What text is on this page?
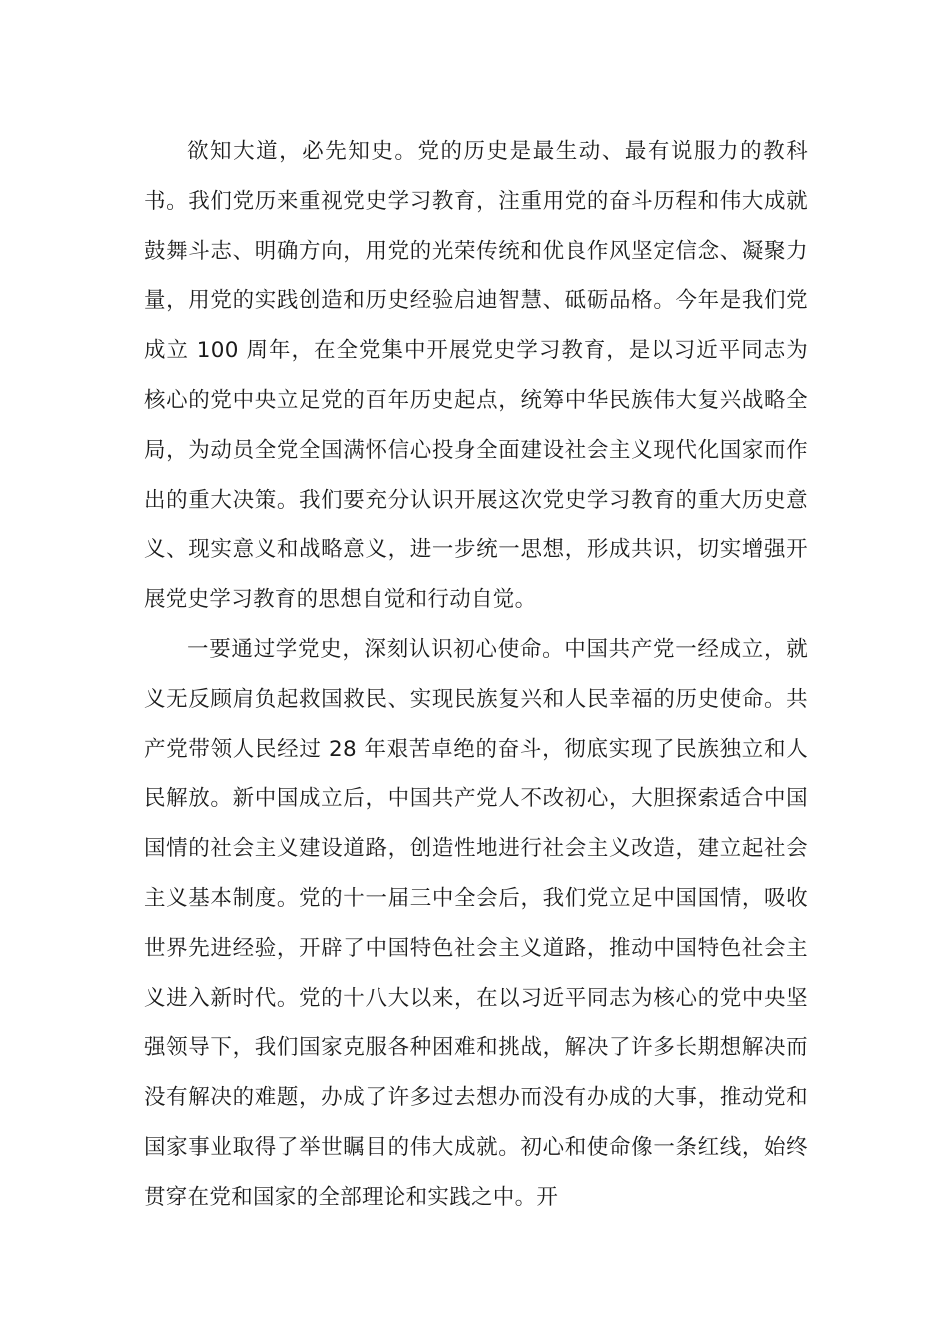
欲知大道，必先知史。党的历史是最生动、最有说服力的教科书。我们党历来重视党史学习教育，注重用党的奋斗历程和伟大成就鼓舞斗志、明确方向，用党的光荣传统和优良作风坚定信念、凝聚力量，用党的实践创造和历史经验启迪智慧、砥砺品格。今年是我们党成立 100 周年，在全党集中开展党史学习教育，是以习近平同志为核心的党中央立足党的百年历史起点，统筹中华民族伟大复兴战略全局，为动员全党全国满怀信心投身全面建设社会主义现代化国家而作出的重大决策。我们要充分认识开展这次党史学习教育的重大历史意义、现实意义和战略意义，进一步统一思想，形成共识，切实增强开展党史学习教育的思想自觉和行动自觉。

一要通过学党史，深刻认识初心使命。中国共产党一经成立，就义无反顾肩负起救国救民、实现民族复兴和人民幸福的历史使命。共产党带领人民经过 28 年艰苦卓绝的奋斗，彻底实现了民族独立和人民解放。新中国成立后，中国共产党人不改初心，大胆探索适合中国国情的社会主义建设道路，创造性地进行社会主义改造，建立起社会主义基本制度。党的十一届三中全会后，我们党立足中国国情，吸收世界先进经验，开辟了中国特色社会主义道路，推动中国特色社会主义进入新时代。党的十八大以来，在以习近平同志为核心的党中央坚强领导下，我们国家克服各种困难和挑战，解决了许多长期想解决而没有解决的难题，办成了许多过去想办而没有办成的大事，推动党和国家事业取得了举世瞩目的伟大成就。初心和使命像一条红线，始终贯穿在党和国家的全部理论和实践之中。开
